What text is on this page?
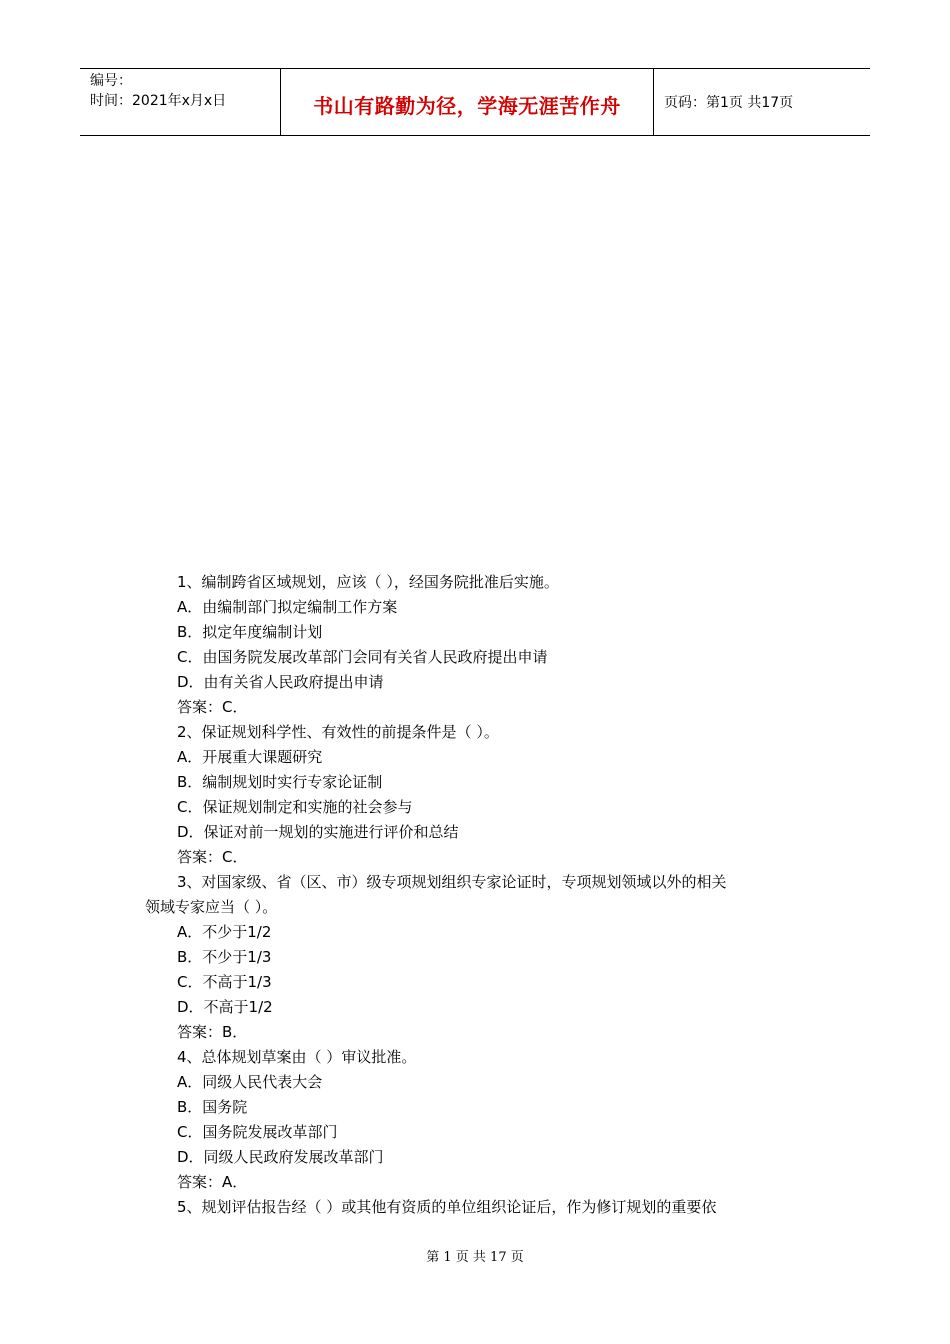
编号：
时间：2021年x月x日	书山有路勤为径，学海无涯苦作舟	页码：第1页 共17页
1、编制跨省区域规划，应该（ ），经国务院批准后实施。
A．由编制部门拟定编制工作方案
B．拟定年度编制计划
C．由国务院发展改革部门会同有关省人民政府提出申请
D．由有关省人民政府提出申请
答案：C．
2、保证规划科学性、有效性的前提条件是（ ）。
A．开展重大课题研究
B．编制规划时实行专家论证制
C．保证规划制定和实施的社会参与
D．保证对前一规划的实施进行评价和总结
答案：C．
3、对国家级、省（区、市）级专项规划组织专家论证时，专项规划领域以外的相关
领域专家应当（ ）。
A．不少于1/2
B．不少于1/3
C．不高于1/3
D．不高于1/2
答案：B．
4、总体规划草案由（ ）审议批准。
A．同级人民代表大会
B．国务院
C．国务院发展改革部门
D．同级人民政府发展改革部门
答案：A．
5、规划评估报告经（ ）或其他有资质的单位组织论证后，作为修订规划的重要依
第 1 页 共 17 页
